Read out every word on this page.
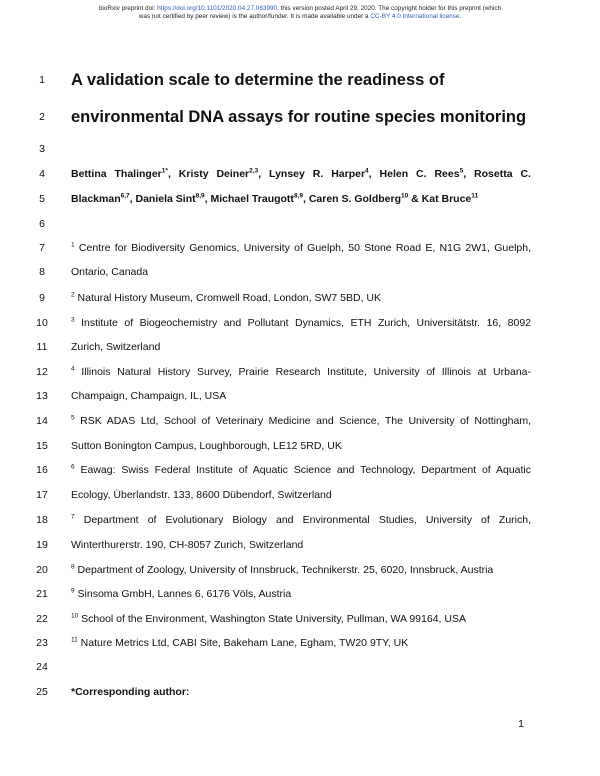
bioRxiv preprint doi: https://doi.org/10.1101/2020.04.27.063990. this version posted April 29, 2020. The copyright holder for this preprint (which
was not certified by peer review) is the author/funder. It is made available under a CC-BY 4.0 International license.
1
2
3
4
5
6
7
8
9
10
11
12
13
14
15
16
17
18
19
20
21
22
23
24
25
A validation scale to determine the readiness of
environmental DNA assays for routine species monitoring
Bettina Thalinger$^{1*}$, Kristy Deiner$^{2,3}$, Lynsey R. Harper$^4$, Helen C. Rees$^5$, Rosetta C.
Blackman$^{6,7}$, Daniela Sint$^{8,9}$, Michael Traugott$^{8,9}$, Caren S. Goldberg$^{10}$ & Kat Bruce$^{11}$
$^1$ Centre for Biodiversity Genomics, University of Guelph, 50 Stone Road E, N1G 2W1, Guelph,
Ontario, Canada
$^2$ Natural History Museum, Cromwell Road, London, SW7 5BD, UK
$^3$ Institute of Biogeochemistry and Pollutant Dynamics, ETH Zurich, Universitätstr. 16, 8092
Zurich, Switzerland
$^4$ Illinois Natural History Survey, Prairie Research Institute, University of Illinois at Urbana-
Champaign, Champaign, IL, USA
$^5$ RSK ADAS Ltd, School of Veterinary Medicine and Science, The University of Nottingham,
Sutton Bonington Campus, Loughborough, LE12 5RD, UK
$^6$ Eawag: Swiss Federal Institute of Aquatic Science and Technology, Department of Aquatic
Ecology, Überlandstr. 133, 8600 Dübendorf, Switzerland
$^7$ Department of Evolutionary Biology and Environmental Studies, University of Zurich,
Winterthurerstr. 190, CH-8057 Zurich, Switzerland
$^8$ Department of Zoology, University of Innsbruck, Technikerstr. 25, 6020, Innsbruck, Austria
$^9$ Sinsoma GmbH, Lannes 6, 6176 Völs, Austria
$^{10}$ School of the Environment, Washington State University, Pullman, WA 99164, USA
$^{11}$ Nature Metrics Ltd, CABI Site, Bakeham Lane, Egham, TW20 9TY, UK
*Corresponding author:
1
